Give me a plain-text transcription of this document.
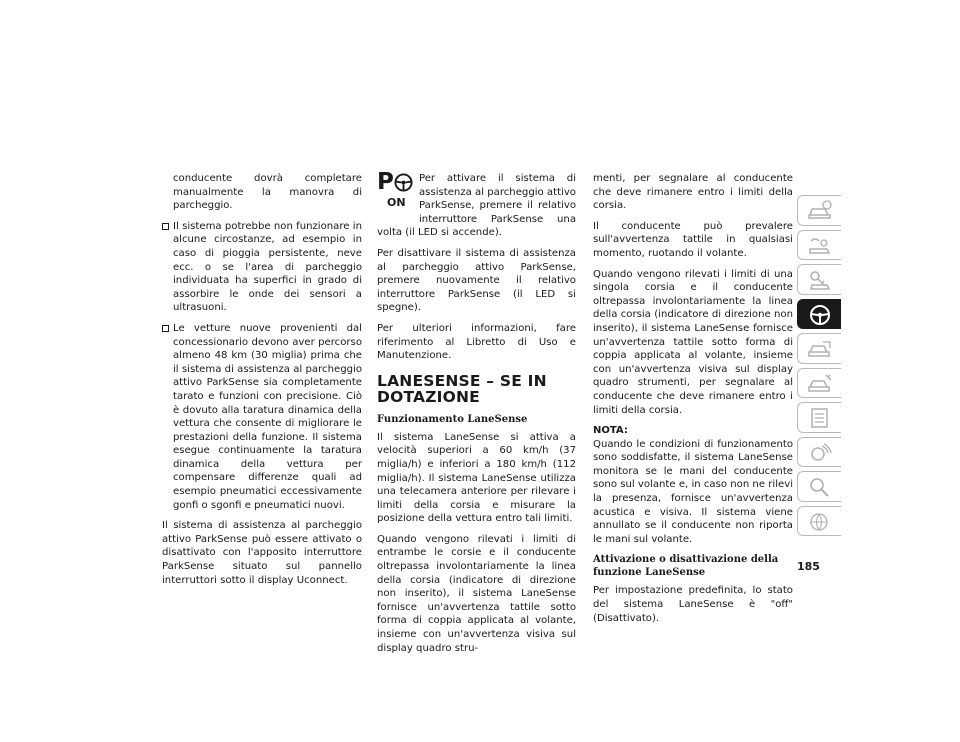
conducente dovrà completare manualmente la manovra di parcheggio.

Il sistema potrebbe non funzionare in alcune circostanze, ad esempio in caso di pioggia persistente, neve ecc. o se l'area di parcheggio individuata ha superfici in grado di assorbire le onde dei sensori a ultrasuoni.

Le vetture nuove provenienti dal concessionario devono aver percorso almeno 48 km (30 miglia) prima che il sistema di assistenza al parcheggio attivo ParkSense sia completamente tarato e funzioni con precisione. Ciò è dovuto alla taratura dinamica della vettura che consente di migliorare le prestazioni della funzione. Il sistema esegue continuamente la taratura dinamica della vettura per compensare differenze quali ad esempio pneumatici eccessivamente gonfi o sgonfi e pneumatici nuovi.

Il sistema di assistenza al parcheggio attivo ParkSense può essere attivato o disattivato con l'apposito interruttore ParkSense situato sul pannello interruttori sotto il display Uconnect.

P
ON

Per attivare il sistema di assistenza al parcheggio attivo ParkSense, premere il relativo interruttore ParkSense una volta (il LED si accende).

Per disattivare il sistema di assistenza al parcheggio attivo ParkSense, premere nuovamente il relativo interruttore ParkSense (il LED si spegne).

Per ulteriori informazioni, fare riferimento al Libretto di Uso e Manutenzione.

LANESENSE – SE IN
DOTAZIONE
Funzionamento LaneSense

Il sistema LaneSense si attiva a velocità superiori a 60 km/h (37 miglia/h) e inferiori a 180 km/h (112 miglia/h). Il sistema LaneSense utilizza una telecamera anteriore per rilevare i limiti della corsia e misurare la posizione della vettura entro tali limiti.

Quando vengono rilevati i limiti di entrambe le corsie e il conducente oltrepassa involontariamente la linea della corsia (indicatore di direzione non inserito), il sistema LaneSense fornisce un'avvertenza tattile sotto forma di coppia applicata al volante, insieme con un'avvertenza visiva sul display quadro stru-

menti, per segnalare al conducente che deve rimanere entro i limiti della corsia.

Il conducente può prevalere sull'avvertenza tattile in qualsiasi momento, ruotando il volante.

Quando vengono rilevati i limiti di una singola corsia e il conducente oltrepassa involontariamente la linea della corsia (indicatore di direzione non inserito), il sistema LaneSense fornisce un'avvertenza tattile sotto forma di coppia applicata al volante, insieme con un'avvertenza visiva sul display quadro strumenti, per segnalare al conducente che deve rimanere entro i limiti della corsia.

NOTA:

Quando le condizioni di funzionamento sono soddisfatte, il sistema LaneSense monitora se le mani del conducente sono sul volante e, in caso non ne rilevi la presenza, fornisce un'avvertenza acustica e visiva. Il sistema viene annullato se il conducente non riporta le mani sul volante.

Attivazione o disattivazione della funzione LaneSense

Per impostazione predefinita, lo stato del sistema LaneSense è "off" (Disattivato).

185
